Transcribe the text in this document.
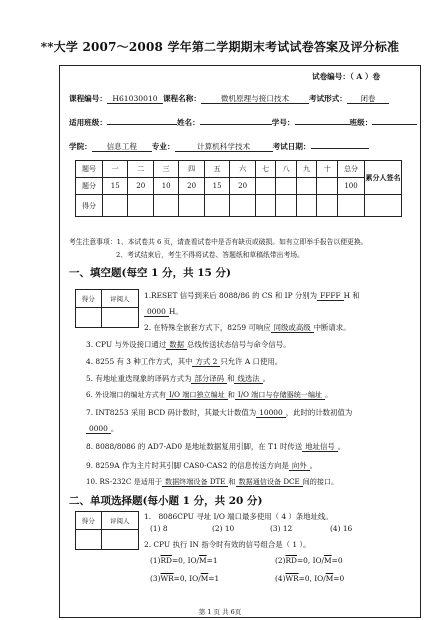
**大学 2007～2008 学年第二学期期末考试试卷答案及评分标准
试卷编号：（ A ）卷
课程编号： H61030010 课程名称：	微机原理与接口技术	考试形式： 闭卷
适用班级：	姓名：	学号：	班级：
学院： 信息工程 专业：	计算机科学技术	考试日期：
题号	一	二	三	四	五	六	七	八	九	十	总分	累分人签名
题分	15	20	10	20	15	20					100	
得分												
考生注意事项：1、本试卷共 6 页，请查看试卷中是否有缺页或破损。如有立即举手报告以便更换。
2、考试结束后，考生不得将试卷、答题纸和草稿纸带出考场。
一、填空题(每空 1 分，共 15 分)
得分	评阅人
	1.RESET 信号到来后 8088/86 的 CS 和 IP 分别为 FFFF H 和
0000 H。
2. 在特殊全嵌套方式下，8259 可响应 同级或高级 中断请求。
3. CPU 与外设接口通过 数据 总线传送状态信号与命令信号。
4. 8255 有 3 种工作方式，其中 方式 2 只允许 A 口使用。
5. 有地址重迭现象的译码方式为 部分译码 和 线选法 。
6. 外设端口的编址方式有 I/O 端口独立编址 和 I/O 端口与存储器统一编址 。
7. INT8253 采用 BCD 码计数时，其最大计数值为 10000 ，此时的计数初值为
0000 。
8. 8088/8086 的 AD7-AD0 是地址数据复用引脚，在 T1 时传送 地址信号 。
9. 8259A 作为主片时其引脚 CAS0-CAS2 的信息传送方向是 向外 。
10. RS-232C 是适用于 数据终端设备 DTE 和 数据通信设备 DCE 间的接口。
二、单项选择题(每小题 1 分，共 20 分)
得分	评阅人
	1.　8086CPU 寻址 I/O 端口最多使用（ 4 ）条地址线。
(1) 8	(2) 10	(3) 12	(4) 16
2. CPU 执行 IN 指令时有效的信号组合是（ 1 ）。
$(1)\overline{RD}=0$, $IO/\overline{M}=1$	$(2)\overline{RD}=0$, $IO/\overline{M}=0$
$(3)\overline{WR}=0$, $IO/\overline{M}=1$	$(4)\overline{WR}=0$, $IO/\overline{M}=0$
第 1 页 共 6页
